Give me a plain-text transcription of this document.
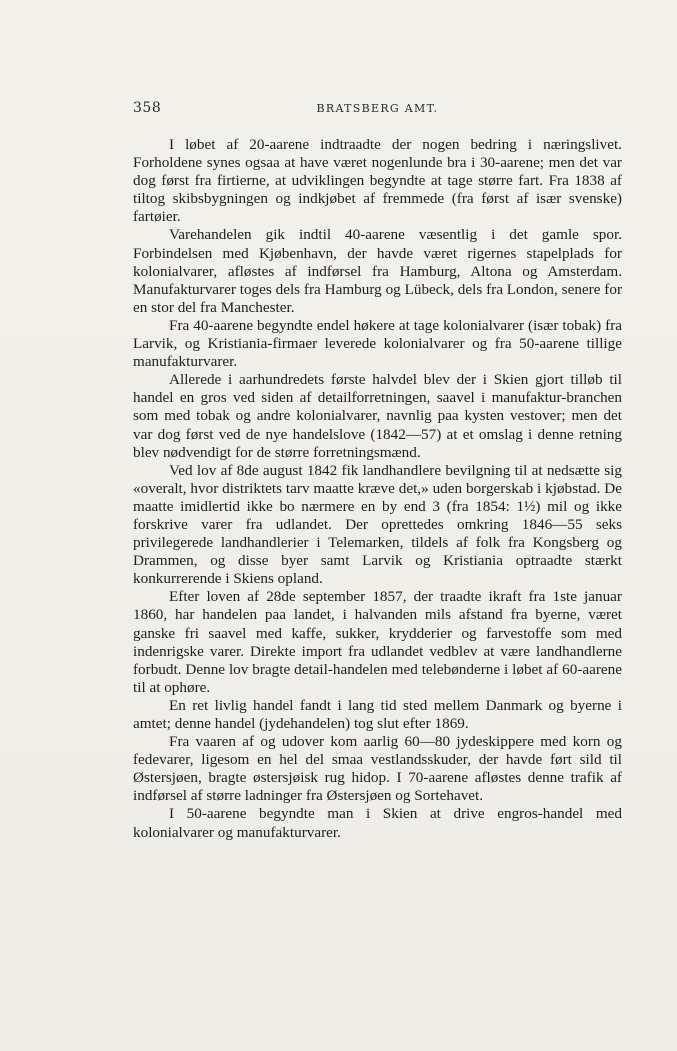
358	BRATSBERG AMT.

I løbet af 20-aarene indtraadte der nogen bedring i næringslivet. Forholdene synes ogsaa at have været nogenlunde bra i 30-aarene; men det var dog først fra firtierne, at udviklingen begyndte at tage større fart. Fra 1838 af tiltog skibsbygningen og indkjøbet af fremmede (fra først af især svenske) fartøier.

Varehandelen gik indtil 40-aarene væsentlig i det gamle spor. Forbindelsen med Kjøbenhavn, der havde været rigernes stapelplads for kolonialvarer, afløstes af indførsel fra Hamburg, Altona og Amsterdam. Manufakturvarer toges dels fra Hamburg og Lübeck, dels fra London, senere for en stor del fra Manchester.

Fra 40-aarene begyndte endel høkere at tage kolonialvarer (især tobak) fra Larvik, og Kristiania-firmaer leverede kolonialvarer og fra 50-aarene tillige manufakturvarer.

Allerede i aarhundredets første halvdel blev der i Skien gjort tilløb til handel en gros ved siden af detailforretningen, saavel i manufaktur-branchen som med tobak og andre kolonialvarer, navnlig paa kysten vestover; men det var dog først ved de nye handelslove (1842—57) at et omslag i denne retning blev nødvendigt for de større forretningsmænd.

Ved lov af 8de august 1842 fik landhandlere bevilgning til at nedsætte sig «overalt, hvor distriktets tarv maatte kræve det,» uden borgerskab i kjøbstad. De maatte imidlertid ikke bo nærmere en by end 3 (fra 1854: 1½) mil og ikke forskrive varer fra udlandet. Der oprettedes omkring 1846—55 seks privilegerede landhandlerier i Telemarken, tildels af folk fra Kongsberg og Drammen, og disse byer samt Larvik og Kristiania optraadte stærkt konkurrerende i Skiens opland.

Efter loven af 28de september 1857, der traadte ikraft fra 1ste januar 1860, har handelen paa landet, i halvanden mils afstand fra byerne, været ganske fri saavel med kaffe, sukker, krydderier og farvestoffe som med indenrigske varer. Direkte import fra udlandet vedblev at være landhandlerne forbudt. Denne lov bragte detail-handelen med telebønderne i løbet af 60-aarene til at ophøre.

En ret livlig handel fandt i lang tid sted mellem Danmark og byerne i amtet; denne handel (jydehandelen) tog slut efter 1869.

Fra vaaren af og udover kom aarlig 60—80 jydeskippere med korn og fedevarer, ligesom en hel del smaa vestlandsskuder, der havde ført sild til Østersjøen, bragte østersjøisk rug hidop. I 70-aarene afløstes denne trafik af indførsel af større ladninger fra Østersjøen og Sortehavet.

I 50-aarene begyndte man i Skien at drive engros-handel med kolonialvarer og manufakturvarer.
